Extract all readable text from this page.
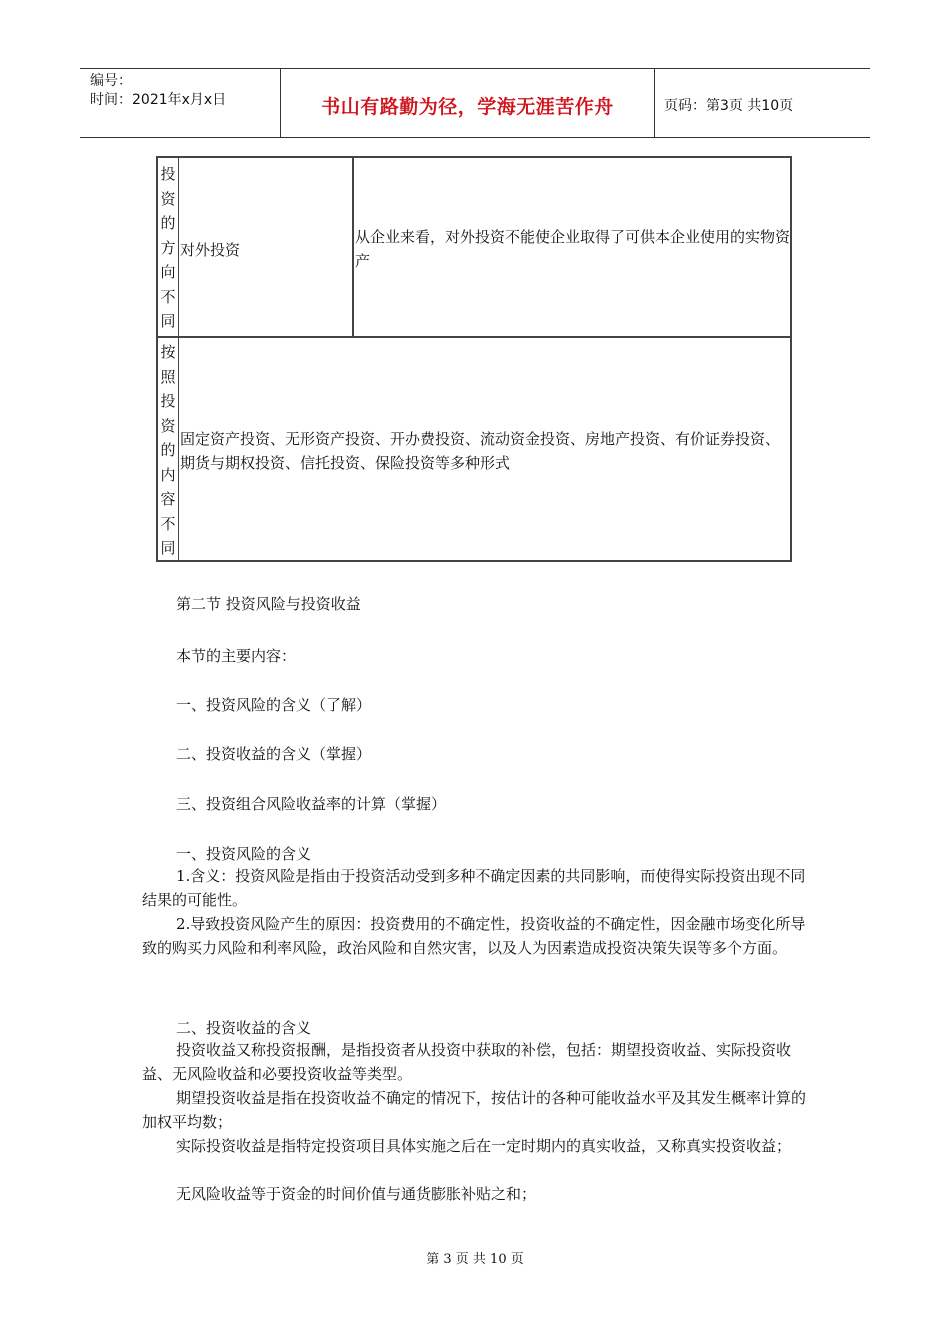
编号：
时间：2021年x月x日	书山有路勤为径，学海无涯苦作舟	页码：第3页 共10页
投
资
的
方
向
不
同
对外投资
从企业来看，对外投资不能使企业取得了可供本企业使用的实物资产
按
照
投
资
的
内
容
不
同
固定资产投资、无形资产投资、开办费投资、流动资金投资、房地产投资、有价证券投资、期货与期权投资、信托投资、保险投资等多种形式
第二节 投资风险与投资收益
本节的主要内容：
一、投资风险的含义（了解）
二、投资收益的含义（掌握）
三、投资组合风险收益率的计算（掌握）
一、投资风险的含义
1.含义：投资风险是指由于投资活动受到多种不确定因素的共同影响，而使得实际投资出现不同结果的可能性。
2.导致投资风险产生的原因：投资费用的不确定性，投资收益的不确定性，因金融市场变化所导致的购买力风险和利率风险，政治风险和自然灾害，以及人为因素造成投资决策失误等多个方面。
二、投资收益的含义
投资收益又称投资报酬，是指投资者从投资中获取的补偿，包括：期望投资收益、实际投资收益、无风险收益和必要投资收益等类型。
期望投资收益是指在投资收益不确定的情况下，按估计的各种可能收益水平及其发生概率计算的加权平均数；
实际投资收益是指特定投资项目具体实施之后在一定时期内的真实收益，又称真实投资收益；
无风险收益等于资金的时间价值与通货膨胀补贴之和；
第 3 页 共 10 页
